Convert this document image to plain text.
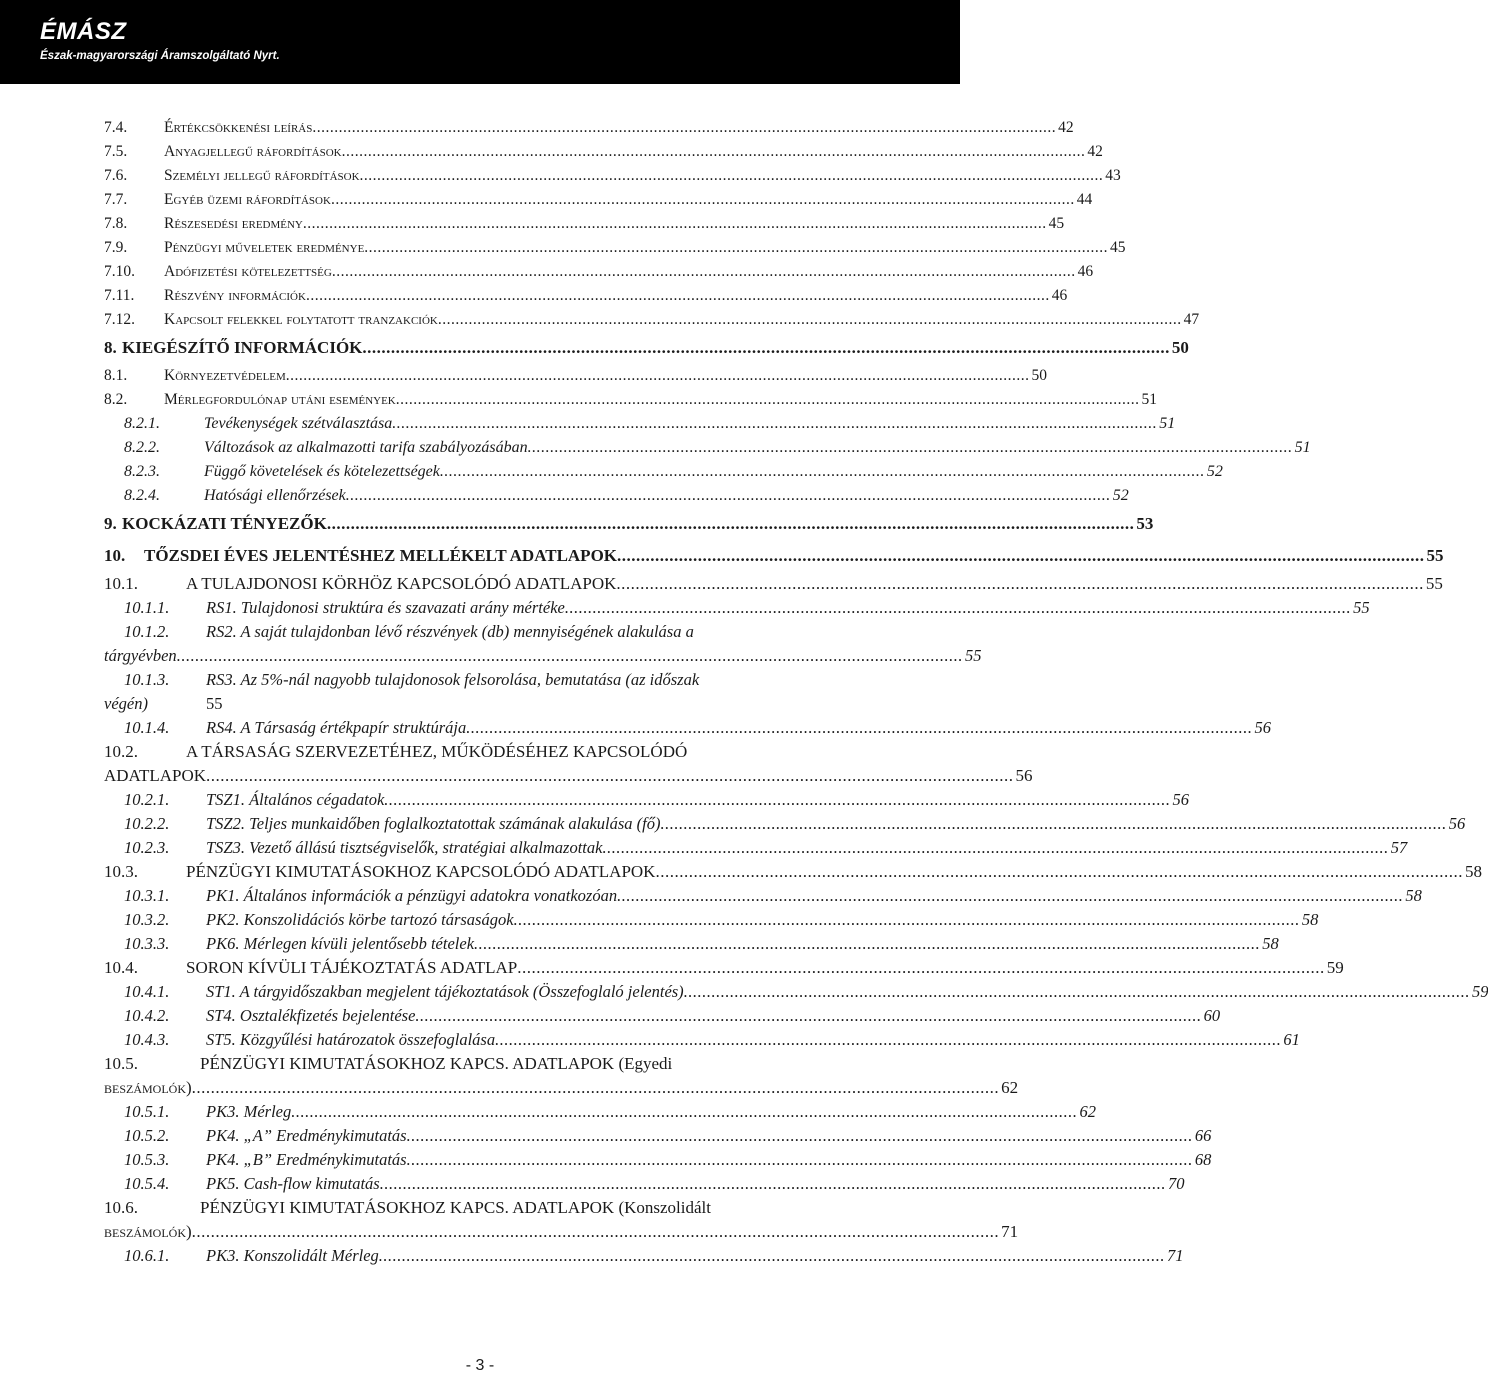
ÉMÁSZ
Észak-magyarországi Áramszolgáltató Nyrt.
7.4. Értékcsökkenési leírás .......................................................................................................................................................................... 42
7.5. Anyagjellegű ráfordítások .......................................................................................................................................................................... 42
7.6. Személyi jellegű ráfordítások .......................................................................................................................................................................... 43
7.7. Egyéb üzemi ráfordítások .......................................................................................................................................................................... 44
7.8. Részesedési eredmény .......................................................................................................................................................................... 45
7.9. Pénzügyi műveletek eredménye .......................................................................................................................................................................... 45
7.10. Adófizetési kötelezettség .......................................................................................................................................................................... 46
7.11. Részvény információk .......................................................................................................................................................................... 46
7.12. Kapcsolt felekkel folytatott tranzakciók .......................................................................................................................................................................... 47
8. KIEGÉSZÍTŐ INFORMÁCIÓK .......................................................................................................................................................................... 50
8.1. Környezetvédelem .......................................................................................................................................................................... 50
8.2. Mérlegfordulónap utáni események .......................................................................................................................................................................... 51
8.2.1.	Tevékenységek szétválasztása .......................................................................................................................................................................... 51
8.2.2.	Változások az alkalmazotti tarifa szabályozásában .......................................................................................................................................................................... 51
8.2.3.	Függő követelések és kötelezettségek .......................................................................................................................................................................... 52
8.2.4.	Hatósági ellenőrzések .......................................................................................................................................................................... 52
9. KOCKÁZATI TÉNYEZŐK .......................................................................................................................................................................... 53
10. TŐZSDEI ÉVES JELENTÉSHEZ MELLÉKELT ADATLAPOK .......................................................................................................................................................................... 55
10.1.	A TULAJDONOSI KÖRHÖZ KAPCSOLÓDÓ ADATLAPOK .......................................................................................................................................................................... 55
10.1.1. RS1. Tulajdonosi struktúra és szavazati arány mértéke .......................................................................................................................................................................... 55
10.1.2. RS2. A saját tulajdonban lévő részvények (db) mennyiségének alakulása a
tárgyévben .......................................................................................................................................................................... 55
10.1.3. RS3. Az 5%-nál nagyobb tulajdonosok felsorolása, bemutatása (az időszak
végén)	55
10.1.4. RS4. A Társaság értékpapír struktúrája .......................................................................................................................................................................... 56
10.2.	A TÁRSASÁG SZERVEZETÉHEZ, MŰKÖDÉSÉHEZ KAPCSOLÓDÓ
ADATLAPOK .......................................................................................................................................................................... 56
10.2.1. TSZ1. Általános cégadatok .......................................................................................................................................................................... 56
10.2.2. TSZ2. Teljes munkaidőben foglalkoztatottak számának alakulása (fő) .......................................................................................................................................................................... 56
10.2.3. TSZ3. Vezető állású tisztségviselők, stratégiai alkalmazottak .......................................................................................................................................................................... 57
10.3.	PÉNZÜGYI KIMUTATÁSOKHOZ KAPCSOLÓDÓ ADATLAPOK .......................................................................................................................................................................... 58
10.3.1. PK1. Általános információk a pénzügyi adatokra vonatkozóan .......................................................................................................................................................................... 58
10.3.2. PK2. Konszolidációs körbe tartozó társaságok .......................................................................................................................................................................... 58
10.3.3. PK6. Mérlegen kívüli jelentősebb tételek .......................................................................................................................................................................... 58
10.4.	SORON KÍVÜLI TÁJÉKOZTATÁS ADATLAP .......................................................................................................................................................................... 59
10.4.1. ST1. A tárgyidőszakban megjelent tájékoztatások (Összefoglaló jelentés) .......................................................................................................................................................................... 59
10.4.2. ST4. Osztalékfizetés bejelentése .......................................................................................................................................................................... 60
10.4.3. ST5. Közgyűlési határozatok összefoglalása .......................................................................................................................................................................... 61
10.5.	PÉNZÜGYI KIMUTATÁSOKHOZ KAPCS. ADATLAPOK (Egyedi
beszámolók) .......................................................................................................................................................................... 62
10.5.1. PK3. Mérleg .......................................................................................................................................................................... 62
10.5.2. PK4. „A” Eredménykimutatás .......................................................................................................................................................................... 66
10.5.3. PK4. „B” Eredménykimutatás .......................................................................................................................................................................... 68
10.5.4. PK5. Cash-flow kimutatás .......................................................................................................................................................................... 70
10.6.	PÉNZÜGYI KIMUTATÁSOKHOZ KAPCS. ADATLAPOK (Konszolidált
beszámolók) .......................................................................................................................................................................... 71
10.6.1. PK3. Konszolidált Mérleg .......................................................................................................................................................................... 71
- 3 -
